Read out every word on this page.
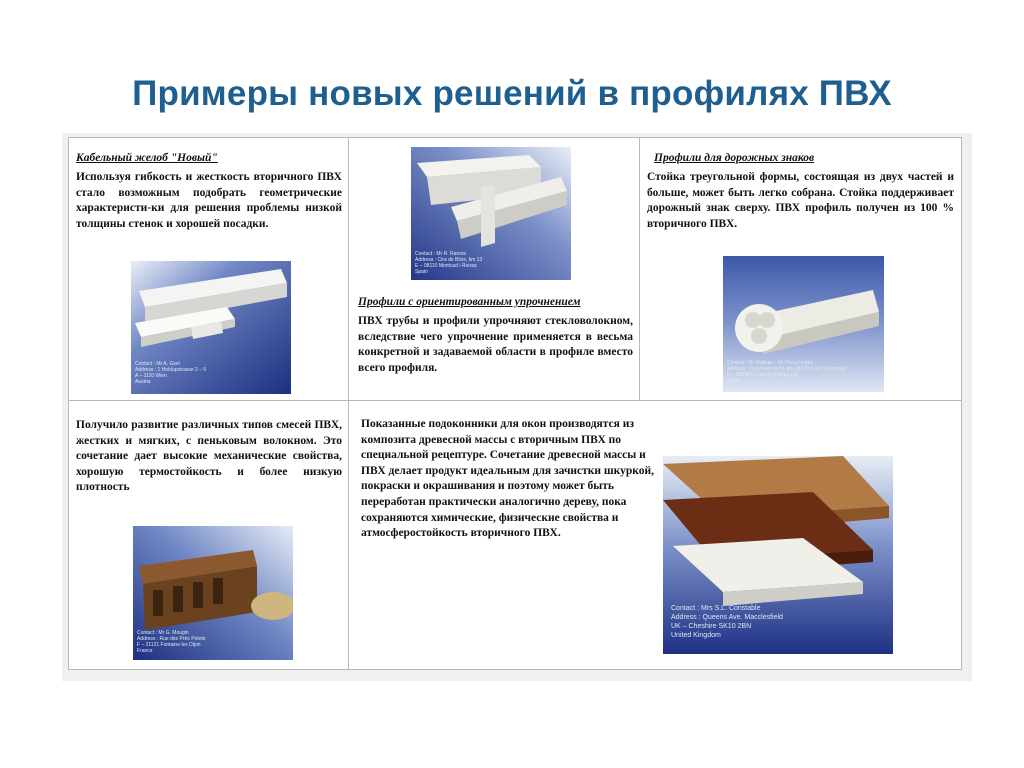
Примеры новых решений в профилях ПВХ
Кабельный желоб "Новый"
Используя гибкость и жесткость вторичного ПВХ стало возможным подобрать геометрические характеристи-ки для решения проблемы низкой толщины стенок и хорошей посадки.
Contact : Mr A. Gsel
Address : 1 Holdupstrasse 2 – 5
A – 1110 Wien
Austria
Contact : Mr R. Ramos
Address : Cira de Bilos, km 13
E – 08110 Montcad i Reixac
Spain
Профили с ориентированным упрочнением
ПВХ трубы и профили упрочняют стекловолокном, вследствие чего упрочнение применяется в весьма конкретной и задаваемой области в профиле вместо всего профиля.
Профили для дорожных знаков
Стойка треугольной формы, состоящая из двух частей и больше, может быть легко собрана. Стойка поддерживает дорожный знак сверху. ПВХ профиль получен из 100 % вторичного ПВХ.
Contact : Mr Molinar – Mr Pérez Lopez
Address : Ctra Nacional II, km 282 Pol. Ind. Centrovia
E – 50196 La Muela (Zaragoza)
Spain
Получило развитие различных типов смесей ПВХ, жестких и мягких, с пеньковым волокном. Это сочетание дает высокие механические свойства, хорошую термостойкость и более низкую плотность
Contact : Mr G. Mougin
Address : Rue des Prés Potets
F – 21121 Fontaine les Dijon
France
Показанные подоконники для окон производятся из композита древесной массы с вторичным ПВХ по специальной рецептуре. Сочетание древесной массы и ПВХ делает продукт идеальным для зачистки шкуркой, покраски и окрашивания и поэтому может быть переработан практически аналогично дереву, пока сохраняются химические, физические свойства и атмосферостойкость вторичного ПВХ.
Contact : Mrs S.L. Constable
Address : Queens Ave. Macclesfield
UK – Cheshire SK10 2BN
United Kingdom
